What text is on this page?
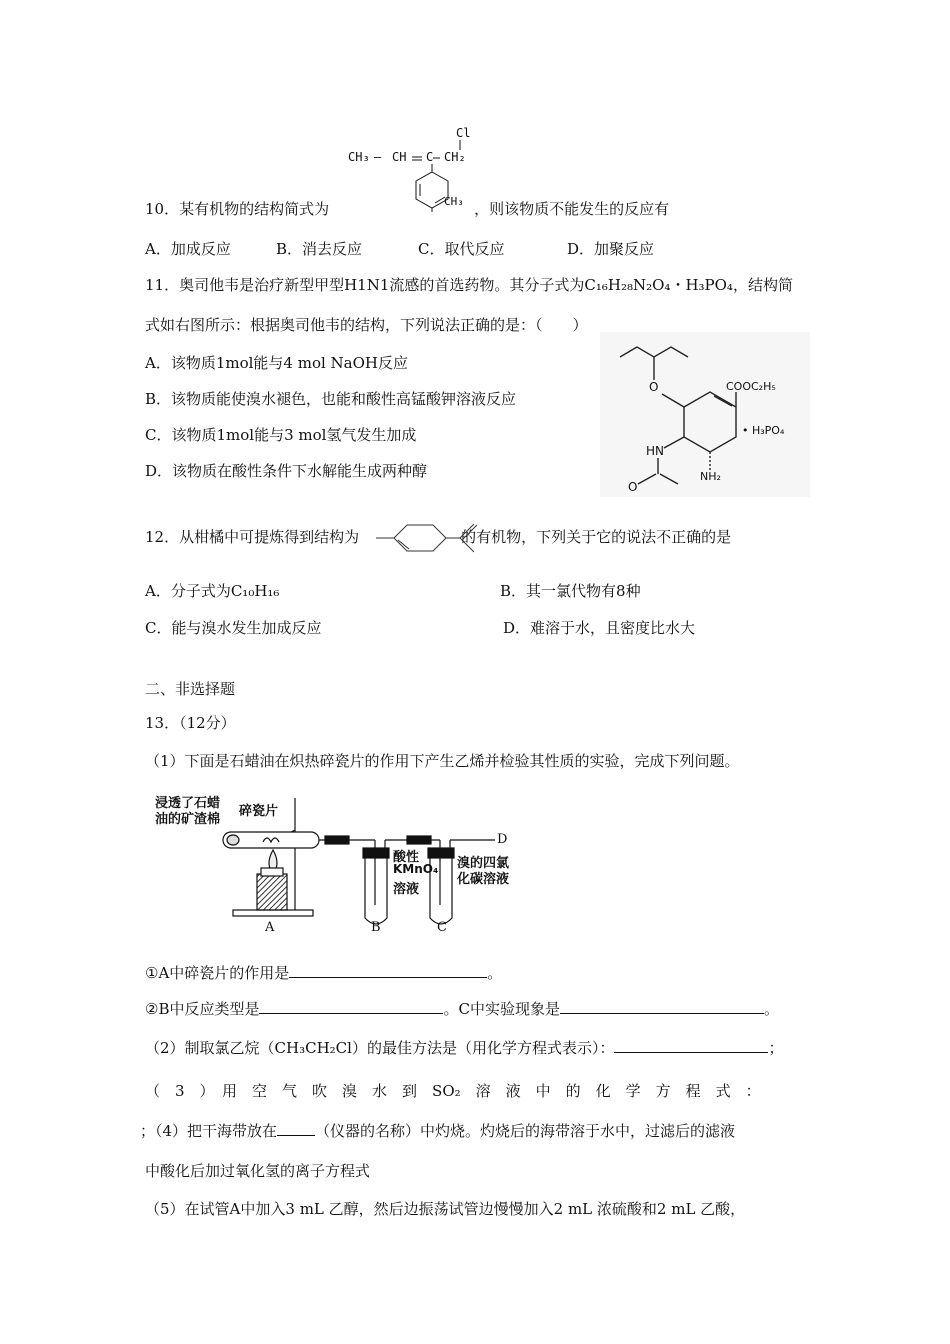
Cl
CH₃ — CH C CH₂
CH₃
10．某有机物的结构简式为	，则该物质不能发生的反应有
A．加成反应	B．消去反应	C．取代反应	D．加聚反应
11．奥司他韦是治疗新型甲型H1N1流感的首选药物。其分子式为C₁₆H₂₈N₂O₄・H₃PO₄，结构简
式如右图所示：根据奥司他韦的结构，下列说法正确的是：（　　）
A．该物质1mol能与4 mol NaOH反应
B．该物质能使溴水褪色，也能和酸性高锰酸钾溶液反应
C．该物质1mol能与3 mol氢气发生加成
D．该物质在酸性条件下水解能生成两种醇
O	COOC₂H₅
• H₃PO₄
HN
O
NH₂
12．从柑橘中可提炼得到结构为	的有机物，下列关于它的说法不正确的是
A．分子式为C₁₀H₁₆	B．其一氯代物有8种
C．能与溴水发生加成反应	D．难溶于水，且密度比水大
二、非选择题
13．（12分）
（1）下面是石蜡油在炽热碎瓷片的作用下产生乙烯并检验其性质的实验，完成下列问题。
浸透了石蜡
油的矿渣棉
碎瓷片
酸性
KMnO₄
溶液
溴的四氯
化碳溶液
A	B	C
D
①A中碎瓷片的作用是	。
②B中反应类型是	。C中实验现象是	。
（2）制取氯乙烷（CH₃CH₂Cl）的最佳方法是（用化学方程式表示）：	；
（　3　）　用　空　气　吹　溴　水　到　SO₂　溶　液　中　的　化　学　方　程　式　：
；（4）把干海带放在	（仪器的名称）中灼烧。灼烧后的海带溶于水中，过滤后的滤液
中酸化后加过氧化氢的离子方程式
（5）在试管A中加入3 mL 乙醇，然后边振荡试管边慢慢加入2 mL 浓硫酸和2 mL 乙酸，
